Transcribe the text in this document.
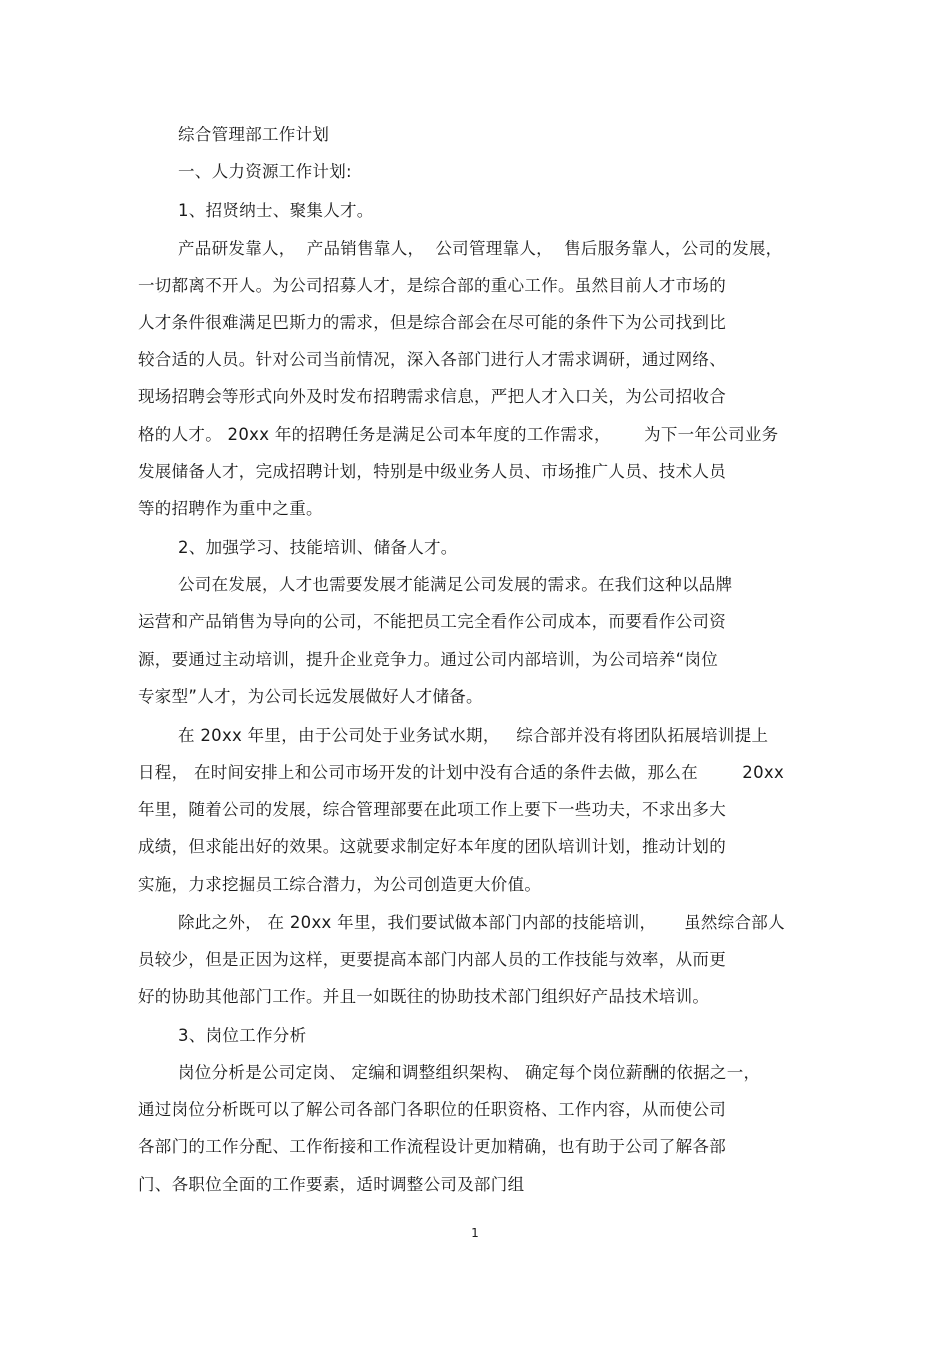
综合管理部工作计划
一、人力资源工作计划:
1、招贤纳士、聚集人才。
产品研发靠人，  产品销售靠人，  公司管理靠人，  售后服务靠人，公司的发展，
一切都离不开人。为公司招募人才，是综合部的重心工作。虽然目前人才市场的
人才条件很难满足巴斯力的需求，但是综合部会在尽可能的条件下为公司找到比
较合适的人员。针对公司当前情况，深入各部门进行人才需求调研，通过网络、
现场招聘会等形式向外及时发布招聘需求信息，严把人才入口关，为公司招收合
格的人才。 20xx 年的招聘任务是满足公司本年度的工作需求，      为下一年公司业务
发展储备人才，完成招聘计划，特别是中级业务人员、市场推广人员、技术人员
等的招聘作为重中之重。
2、加强学习、技能培训、储备人才。
公司在发展，人才也需要发展才能满足公司发展的需求。在我们这种以品牌
运营和产品销售为导向的公司，不能把员工完全看作公司成本，而要看作公司资
源，要通过主动培训，提升企业竞争力。通过公司内部培训，为公司培养“岗位
专家型”人才，为公司长远发展做好人才储备。
在 20xx 年里，由于公司处于业务试水期，   综合部并没有将团队拓展培训提上
日程， 在时间安排上和公司市场开发的计划中没有合适的条件去做，那么在        20xx
年里，随着公司的发展，综合管理部要在此项工作上要下一些功夫，不求出多大
成绩，但求能出好的效果。这就要求制定好本年度的团队培训计划，推动计划的
实施，力求挖掘员工综合潜力，为公司创造更大价值。
除此之外， 在 20xx 年里，我们要试做本部门内部的技能培训，     虽然综合部人
员较少，但是正因为这样，更要提高本部门内部人员的工作技能与效率，从而更
好的协助其他部门工作。并且一如既往的协助技术部门组织好产品技术培训。
3、岗位工作分析
岗位分析是公司定岗、 定编和调整组织架构、 确定每个岗位薪酬的依据之一，
通过岗位分析既可以了解公司各部门各职位的任职资格、工作内容，从而使公司
各部门的工作分配、工作衔接和工作流程设计更加精确，也有助于公司了解各部
门、各职位全面的工作要素，适时调整公司及部门组
1
